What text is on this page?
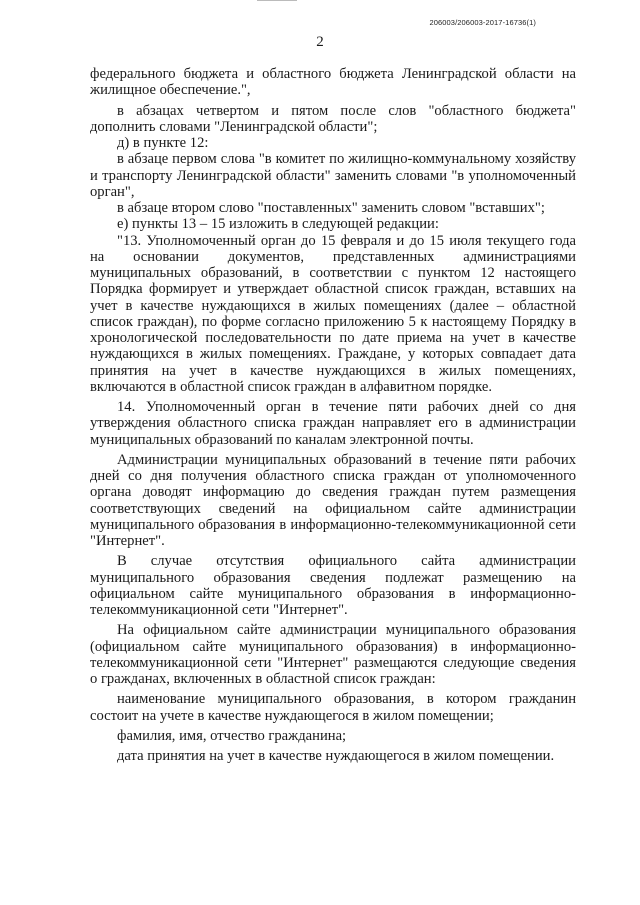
206003/206003-2017-16736(1)
2

федерального бюджета и областного бюджета Ленинградской области на жилищное обеспечение.",

в абзацах четвертом и пятом после слов "областного бюджета" дополнить словами "Ленинградской области";

д) в пункте 12:

в абзаце первом слова "в комитет по жилищно-коммунальному хозяйству и транспорту Ленинградской области" заменить словами "в уполномоченный орган",

в абзаце втором слово "поставленных" заменить словом "вставших";

е) пункты 13 – 15 изложить в следующей редакции:

"13. Уполномоченный орган до 15 февраля и до 15 июля текущего года на основании документов, представленных администрациями муниципальных образований, в соответствии с пунктом 12 настоящего Порядка формирует и утверждает областной список граждан, вставших на учет в качестве нуждающихся в жилых помещениях (далее – областной список граждан), по форме согласно приложению 5 к настоящему Порядку в хронологической последовательности по дате приема на учет в качестве нуждающихся в жилых помещениях. Граждане, у которых совпадает дата принятия на учет в качестве нуждающихся в жилых помещениях, включаются в областной список граждан в алфавитном порядке.

14. Уполномоченный орган в течение пяти рабочих дней со дня утверждения областного списка граждан направляет его в администрации муниципальных образований по каналам электронной почты.

Администрации муниципальных образований в течение пяти рабочих дней со дня получения областного списка граждан от уполномоченного органа доводят информацию до сведения граждан путем размещения соответствующих сведений на официальном сайте администрации муниципального образования в информационно-телекоммуникационной сети "Интернет".

В случае отсутствия официального сайта администрации муниципального образования сведения подлежат размещению на официальном сайте муниципального образования в информационно-телекоммуникационной сети "Интернет".

На официальном сайте администрации муниципального образования (официальном сайте муниципального образования) в информационно-телекоммуникационной сети "Интернет" размещаются следующие сведения о гражданах, включенных в областной список граждан:

наименование муниципального образования, в котором гражданин состоит на учете в качестве нуждающегося в жилом помещении;

фамилия, имя, отчество гражданина;

дата принятия на учет в качестве нуждающегося в жилом помещении.
